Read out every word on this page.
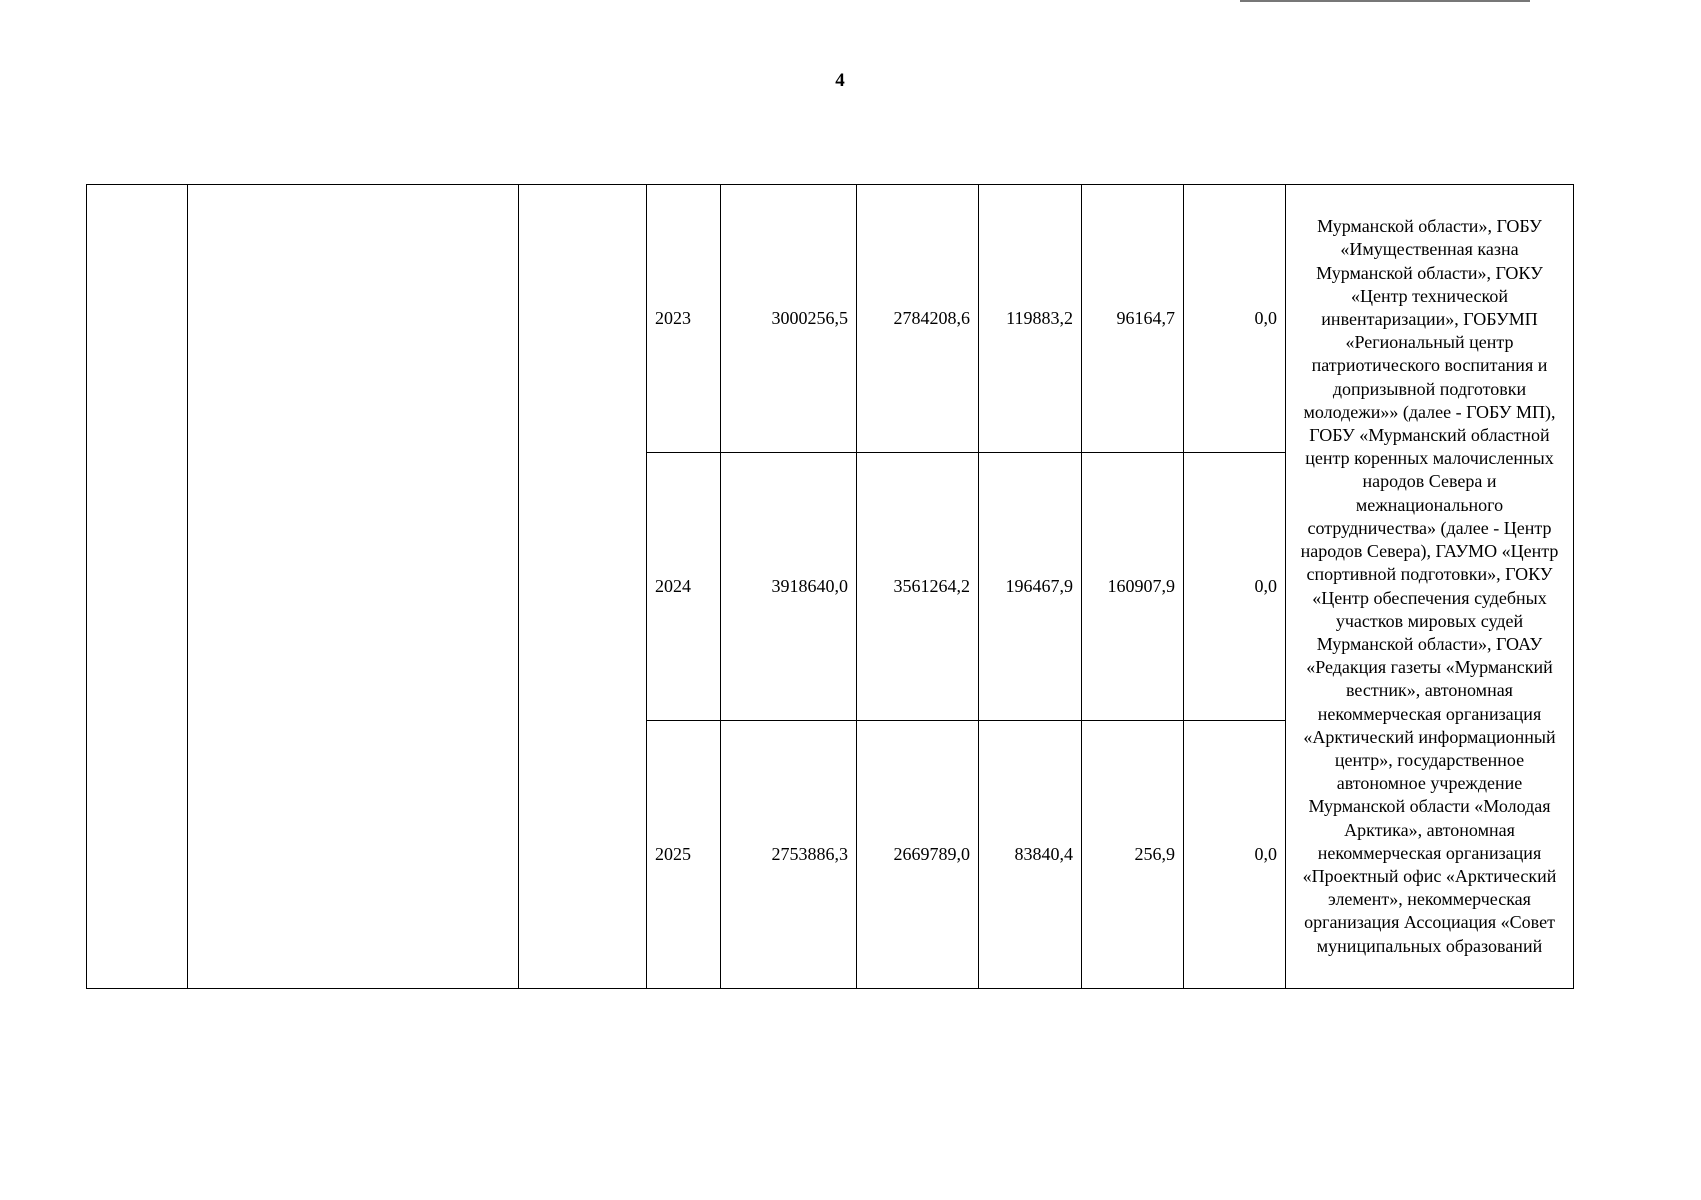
4
			2023	3000256,5	2784208,6	119883,2	96164,7	0,0	Мурманской области», ГОБУ «Имущественная казна Мурманской области», ГОКУ «Центр технической инвентаризации», ГОБУМП «Региональный центр патриотического воспитания и допризывной подготовки молодежи»» (далее - ГОБУ МП), ГОБУ «Мурманский областной центр коренных малочисленных народов Севера и межнационального сотрудничества» (далее - Центр народов Севера), ГАУМО «Центр спортивной подготовки», ГОКУ «Центр обеспечения судебных участков мировых судей Мурманской области», ГОАУ «Редакция газеты «Мурманский вестник», автономная некоммерческая организация «Арктический информационный центр», государственное автономное учреждение Мурманской области «Молодая Арктика», автономная некоммерческая организация «Проектный офис «Арктический элемент», некоммерческая организация Ассоциация «Совет муниципальных образований

			2024	3918640,0	3561264,2	196467,9	160907,9	0,0	
			2025	2753886,3	2669789,0	83840,4	256,9	0,0	
